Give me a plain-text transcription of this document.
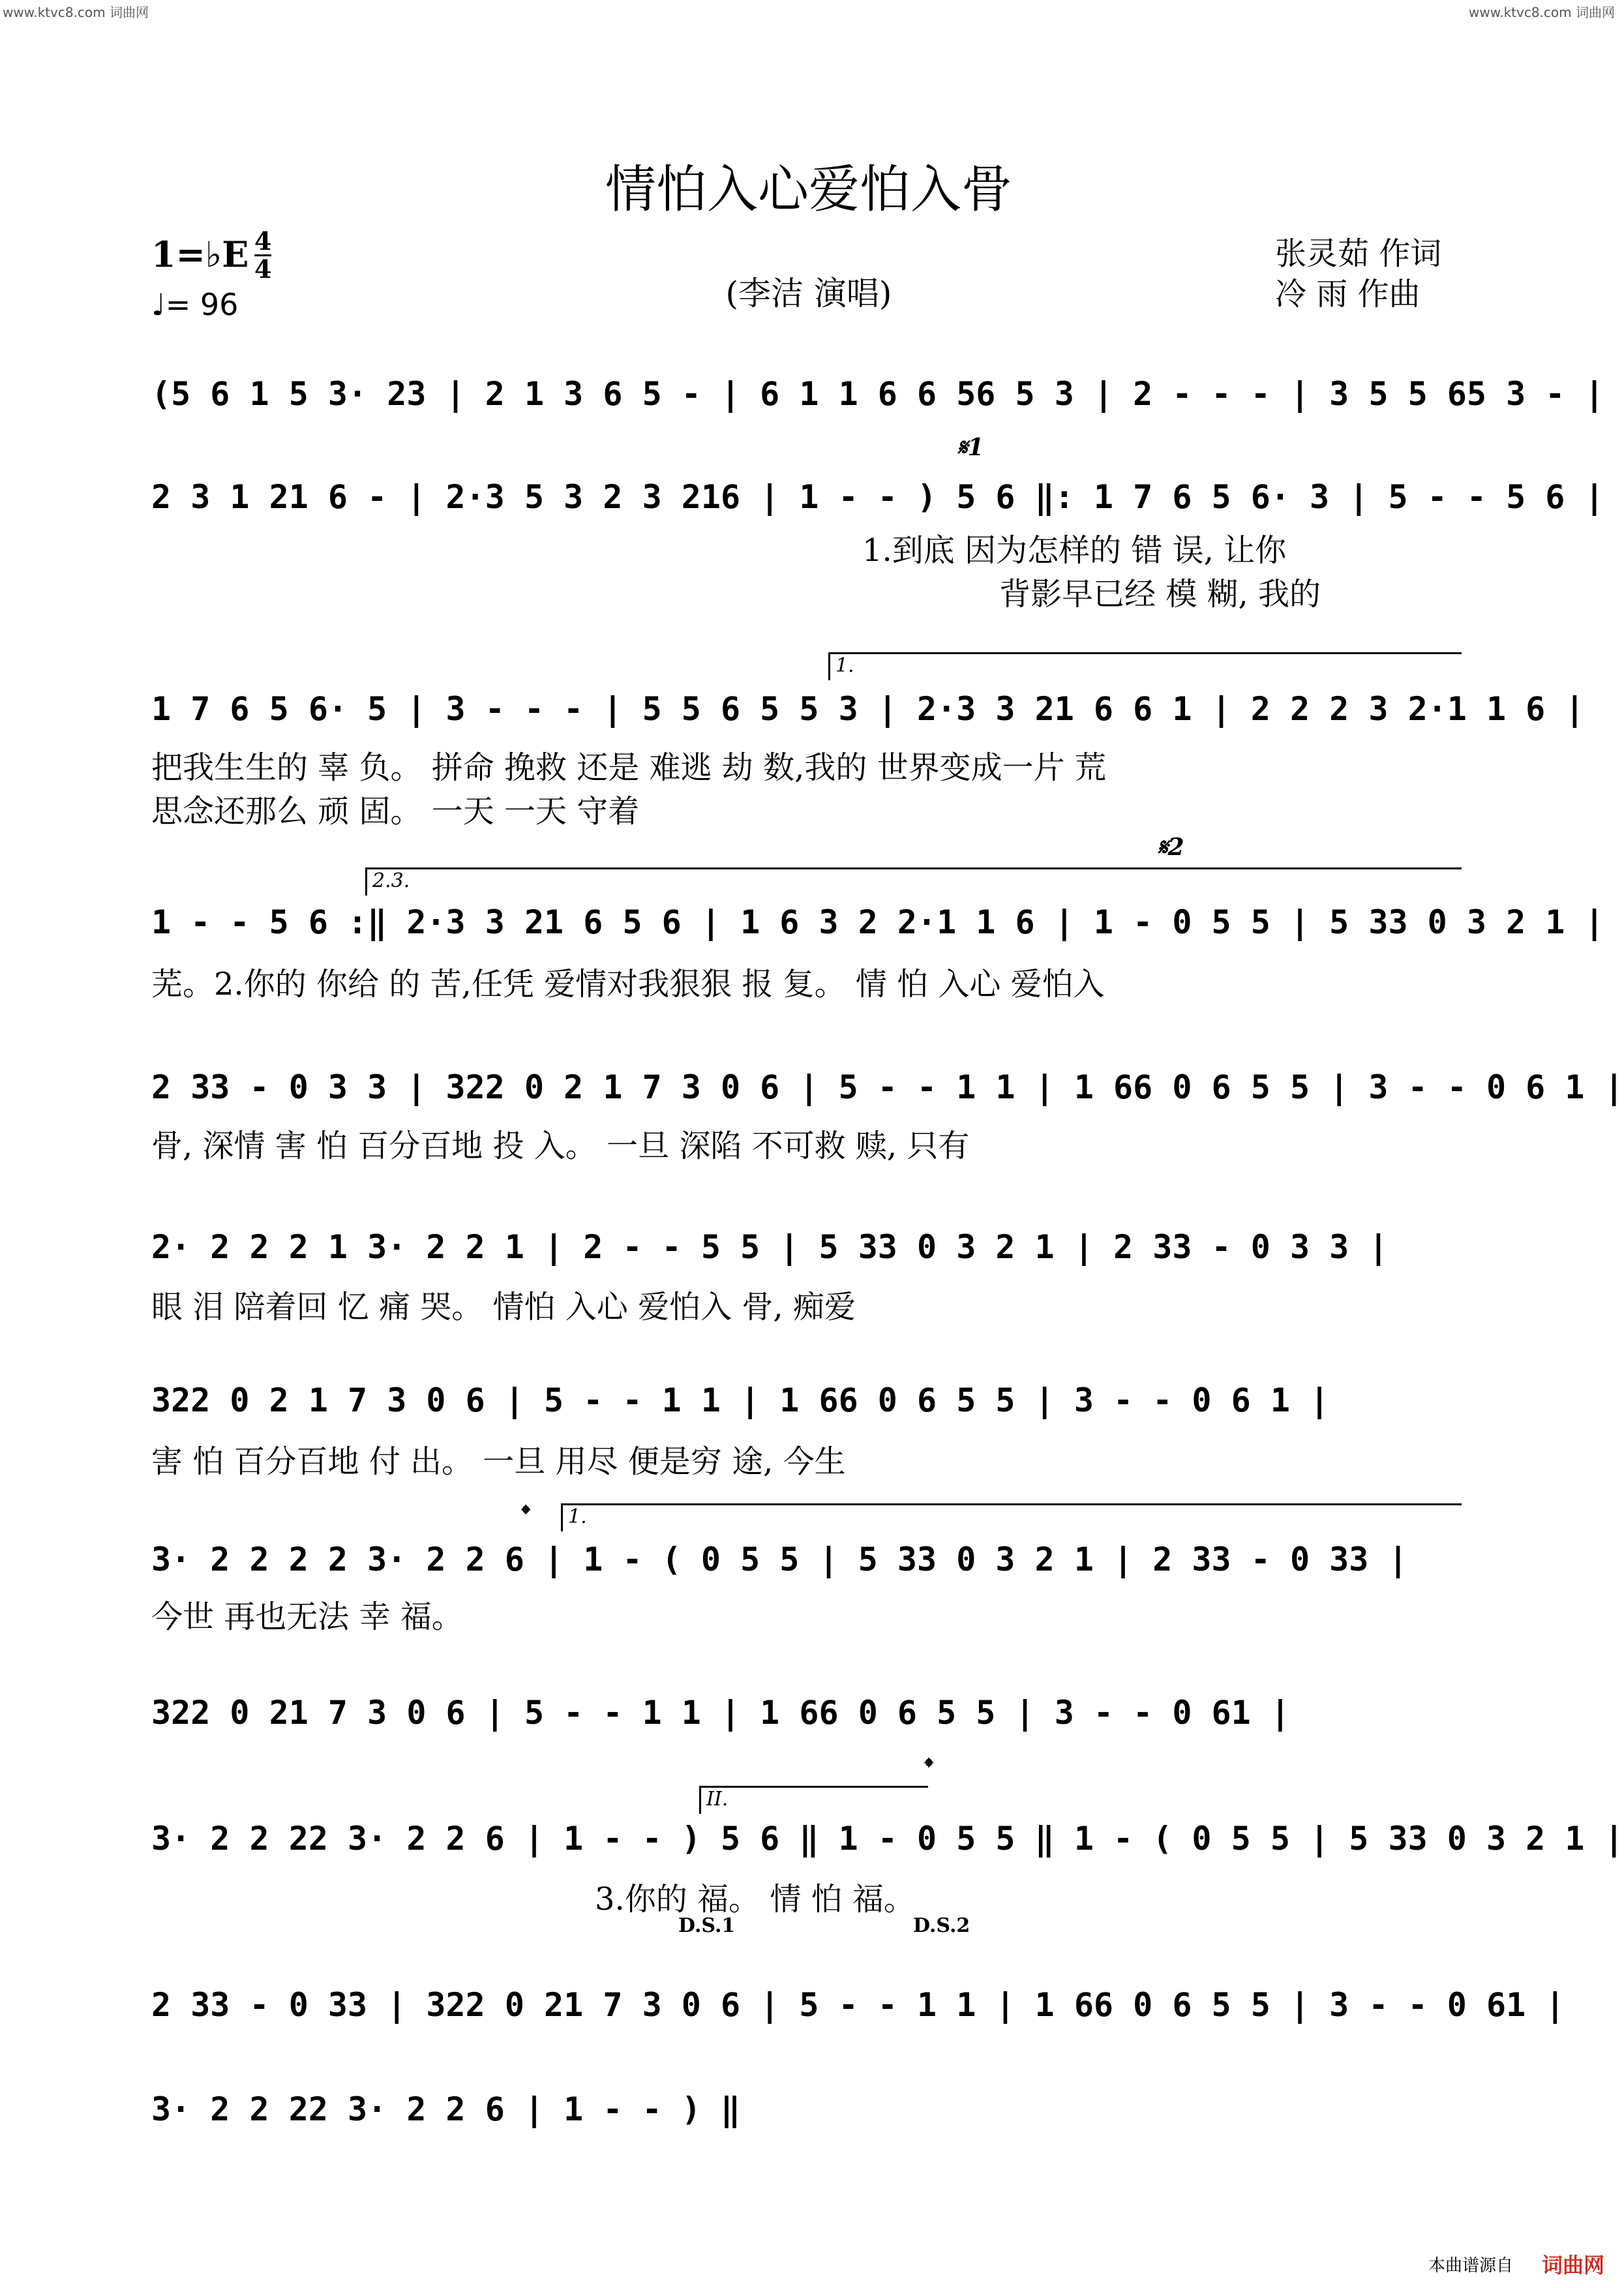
www.ktvc8.com 词曲网	www.ktvc8.com 词曲网
情怕入心爱怕入骨
(李洁 演唱)
1=♭E 4
4
♩= 96
张灵茹 作词
冷 雨 作曲
(5 6 1 5 3· 23 | 2 1 3 6 5 - | 6 1 1 6 6 56 5 3 | 2 - - - | 3 5 5 65 3 - |
𝄋1
2 3 1 21 6 - | 2·3 5 3 2 3 216 | 1 - - ) 5 6 ‖: 1 7 6 5 6· 3 | 5 - - 5 6 |
1.到底 因为怎样的 错 误, 让你
背影早已经 模 糊, 我的
1.
1 7 6 5 6· 5 | 3 - - - | 5 5 6 5 5 3 | 2·3 3 21 6 6 1 | 2 2 2 3 2·1 1 6 |
把我生生的 辜 负。 拼命 挽救 还是 难逃 劫 数,我的 世界变成一片 荒
思念还那么 顽 固。 一天 一天 守着
𝄋2
2.3.
1 - - 5 6 :‖ 2·3 3 21 6 5 6 | 1 6 3 2 2·1 1 6 | 1 - 0 5 5 | 5 33 0 3 2 1 |
芜。2.你的 你给 的 苦,任凭 爱情对我狠狠 报 复。 情 怕 入心 爱怕入
2 33 - 0 3 3 | 322 0 2 1 7 3 0 6 | 5 - - 1 1 | 1 66 0 6 5 5 | 3 - - 0 6 1 |
骨, 深情 害 怕 百分百地 投 入。 一旦 深陷 不可救 赎, 只有
2· 2 2 2 1 3· 2 2 1 | 2 - - 5 5 | 5 33 0 3 2 1 | 2 33 - 0 3 3 |
眼 泪 陪着回 忆 痛 哭。 情怕 入心 爱怕入 骨, 痴爱
322 0 2 1 7 3 0 6 | 5 - - 1 1 | 1 66 0 6 5 5 | 3 - - 0 6 1 |
害 怕 百分百地 付 出。 一旦 用尽 便是穷 途, 今生
𝄌	1.
3· 2 2 2 2 3· 2 2 6 | 1 - ( 0 5 5 | 5 33 0 3 2 1 | 2 33 - 0 33 |
今世 再也无法 幸 福。
322 0 21 7 3 0 6 | 5 - - 1 1 | 1 66 0 6 5 5 | 3 - - 0 61 |
II.
𝄌
3· 2 2 22 3· 2 2 6 | 1 - - ) 5 6 ‖ 1 - 0 5 5 ‖ 1 - ( 0 5 5 | 5 33 0 3 2 1 |
3.你的 福。 情 怕 福。
D.S.1	D.S.2
2 33 - 0 33 | 322 0 21 7 3 0 6 | 5 - - 1 1 | 1 66 0 6 5 5 | 3 - - 0 61 |
3· 2 2 22 3· 2 2 6 | 1 - - ) ‖
本曲谱源自 词曲网
